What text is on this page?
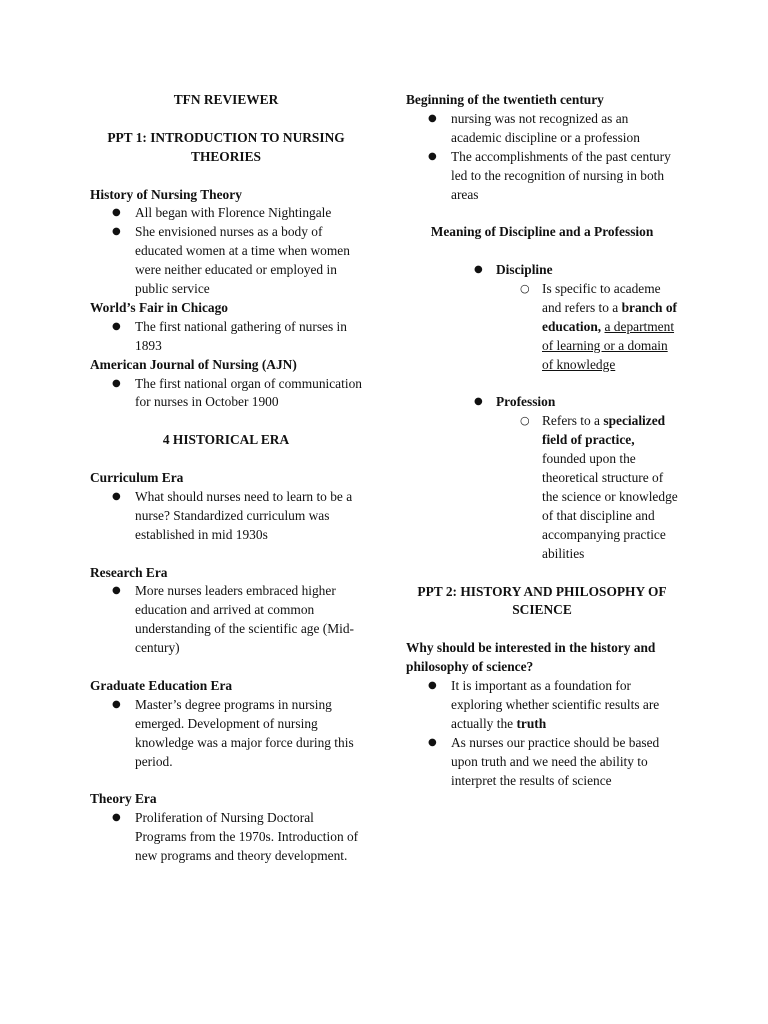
TFN REVIEWER
PPT 1: INTRODUCTION TO NURSING THEORIES
History of Nursing Theory
● All began with Florence Nightingale
● She envisioned nurses as a body of educated women at a time when women were neither educated or employed in public service
World’s Fair in Chicago
● The first national gathering of nurses in 1893
American Journal of Nursing (AJN)
● The first national organ of communication for nurses in October 1900
4 HISTORICAL ERA
Curriculum Era
● What should nurses need to learn to be a nurse? Standardized curriculum was established in mid 1930s
Research Era
● More nurses leaders embraced higher education and arrived at common understanding of the scientific age (Mid-century)
Graduate Education Era
● Master’s degree programs in nursing emerged. Development of nursing knowledge was a major force during this period.
Theory Era
● Proliferation of Nursing Doctoral Programs from the 1970s. Introduction of new programs and theory development.
Beginning of the twentieth century
● nursing was not recognized as an academic discipline or a profession
● The accomplishments of the past century led to the recognition of nursing in both areas
Meaning of Discipline and a Profession
● Discipline
○ Is specific to academe and refers to a branch of education, a department of learning or a domain of knowledge
● Profession
○ Refers to a specialized field of practice, founded upon the theoretical structure of the science or knowledge of that discipline and accompanying practice abilities
PPT 2: HISTORY AND PHILOSOPHY OF SCIENCE
Why should be interested in the history and philosophy of science?
● It is important as a foundation for exploring whether scientific results are actually the truth
● As nurses our practice should be based upon truth and we need the ability to interpret the results of science
